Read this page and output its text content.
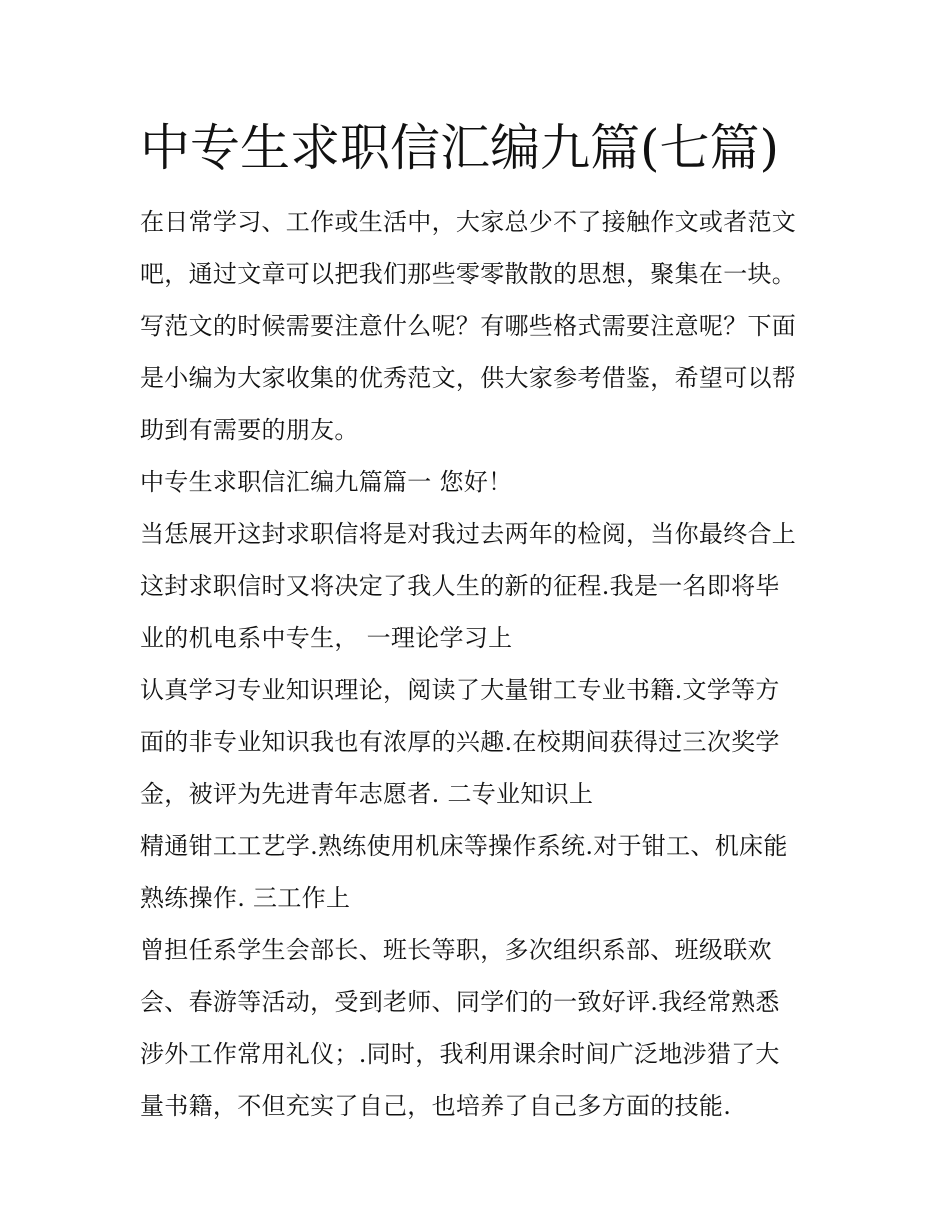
中专生求职信汇编九篇(七篇)
在日常学习、工作或生活中，大家总少不了接触作文或者范文
吧，通过文章可以把我们那些零零散散的思想，聚集在一块。
写范文的时候需要注意什么呢？有哪些格式需要注意呢？下面
是小编为大家收集的优秀范文，供大家参考借鉴，希望可以帮
助到有需要的朋友。
中专生求职信汇编九篇篇一 您好！
当恁展开这封求职信将是对我过去两年的检阅，当你最终合上
这封求职信时又将决定了我人生的新的征程.我是一名即将毕
业的机电系中专生， 一理论学习上
认真学习专业知识理论，阅读了大量钳工专业书籍.文学等方
面的非专业知识我也有浓厚的兴趣.在校期间获得过三次奖学
金，被评为先进青年志愿者. 二专业知识上
精通钳工工艺学.熟练使用机床等操作系统.对于钳工、机床能
熟练操作. 三工作上
曾担任系学生会部长、班长等职，多次组织系部、班级联欢
会、春游等活动，受到老师、同学们的一致好评.我经常熟悉
涉外工作常用礼仪；.同时，我利用课余时间广泛地涉猎了大
量书籍，不但充实了自己，也培养了自己多方面的技能.
